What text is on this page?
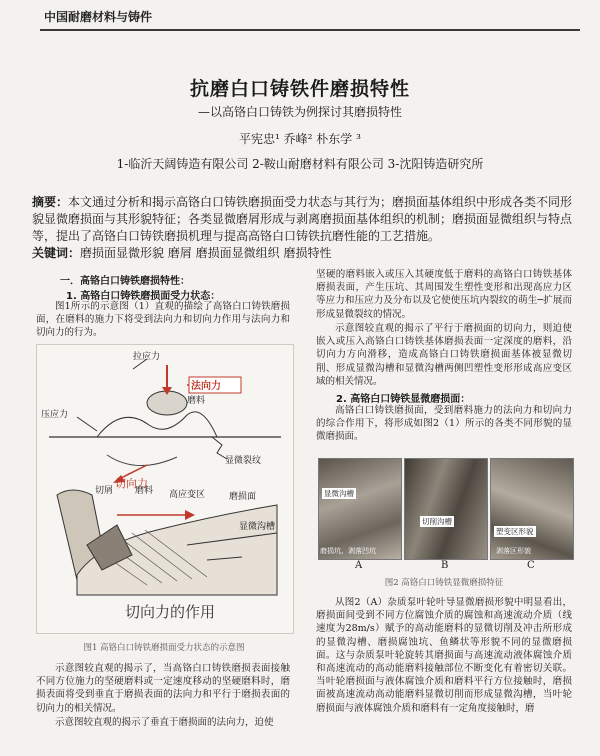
中国耐磨材料与铸件
抗磨白口铸铁件磨损特性
—以高铬白口铸铁为例探讨其磨损特性
平宪忠¹ 乔峰² 朴东学 ³
1-临沂天阔铸造有限公司 2-鞍山耐磨材料有限公司 3-沈阳铸造研究所

摘要：本文通过分析和揭示高铬白口铸铁磨损面受力状态与其行为；磨损面基体组织中形成各类不同形貌显微磨损面与其形貌特征；各类显微磨屑形成与剥离磨损面基体组织的机制；磨损面显微组织与特点等，提出了高铬白口铸铁磨损机理与提高高铬白口铸铁抗磨性能的工艺措施。

关键词：磨损面显微形貌 磨屑 磨损面显微组织 磨损特性

一．高铬白口铸铁磨损特性：
1. 高铬白口铸铁磨损面受力状态：

图1所示的示意图（1）直观的描绘了高铬白口铸铁磨损面，在磨料的施力下将受到法向力和切向力作用与法向力和切向力的行为。

拉应力
压应力
磨料
法向力
切向力
显微裂纹
切屑 磨料 高应变区	磨损面
显微沟槽
切向力的作用
图1 高铬白口铸铁磨损面受力状态的示意图

示意图较直观的揭示了，当高铬白口铸铁磨损表面接触不同方位施力的坚硬磨料或一定速度移动的坚硬磨料时，磨损表面将受到垂直于磨损表面的法向力和平行于磨损表面的切向力的相关情况。

示意图较直观的揭示了垂直于磨损面的法向力，迫使

坚硬的磨料嵌入或压入其硬度低于磨料的高铬白口铸铁基体磨损表面，产生压坑、其周围发生塑性变形和出现高应力区等应力和压应力及分布以及它使使压坑内裂纹的萌生─扩展而形成显微裂纹的情况。

示意图较直观的揭示了平行于磨损面的切向力，则迫使嵌入或压入高铬白口铸铁基体磨损表面一定深度的磨料，沿切向力方向滑移，造成高铬白口铸铁磨损面基体被显微切削、形成显微沟槽和显微沟槽两侧凹塑性变形形成高应变区域的相关情况。

2. 高铬白口铸铁显微磨损面：

高铬白口铸铁磨损面，受到磨料施力的法向力和切向力的综合作用下，将形成如图2（1）所示的各类不同形貌的显微磨损面。

显微沟槽
切削沟槽
塑变区形貌
磨损坑、剥落凹坑	剥落区形貌
A	B	C
图2 高铬白口铸铁显微磨损特征

从图2（A）杂质泵叶轮叶导显微磨损形貌中明显看出，磨损面间受到不同方位腐蚀介质的腐蚀和高速流动介质（线速度为28m/s）赋予的高动能磨料的显微切削及冲击所形成的显微沟槽、磨损腐蚀坑、鱼鳞状等形貌不同的显微磨损面。这与杂质泵叶轮旋转其磨损面与高速流动液体腐蚀介质和高速流动的高动能磨料接触部位不断变化有着密切关联。当叶轮磨损面与液体腐蚀介质和磨料平行方位接触时，磨损面被高速流动高动能磨料显微切削而形成显微沟槽，当叶轮磨损面与液体腐蚀介质和磨料有一定角度接触时，磨
